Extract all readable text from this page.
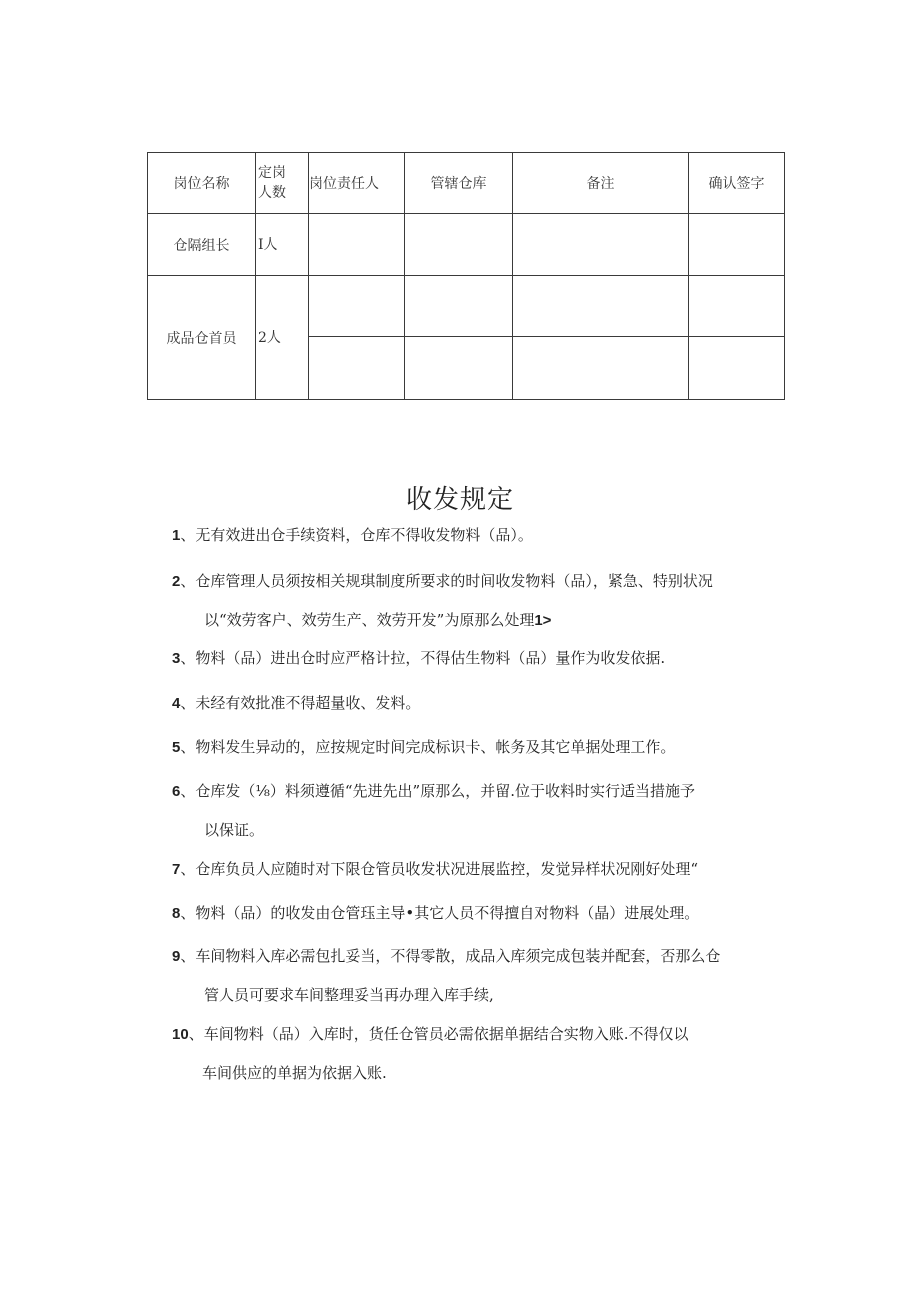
岗位名称	定岗人数	岗位责任人	管辖仓库	备注	确认签字
仓隔组长	I人				
成品仓首员	2人				

收发规定
1、无有效进出仓手续资料，仓库不得收发物料（品）。
2、仓库管理人员须按相关规琪制度所要求的时间收发物料（品），紧急、特别状况
以“效劳客户、效劳生产、效劳开发”为原那么处理1>
3、物料（品）进出仓时应严格计拉，不得估生物料（品）量作为收发依据.
4、未经有效批准不得超量收、发料。
5、物料发生异动的，应按规定时间完成标识卡、帐务及其它单据处理工作。
6、仓库发（⅛）料须遵循“先进先出”原那么，并留.位于收料时实行适当措施予
以保证。
7、仓库负员人应随时对下限仓管员收发状况进展监控，发觉异样状况刚好处理“
8、物料（品）的收发由仓管珏主导•其它人员不得擅自对物料（晶）进展处理。
9、车间物料入库必需包扎妥当，不得零散，成品入库须完成包装并配套，否那么仓
管人员可要求车间整理妥当再办理入库手续,
10、车间物料（品）入库时，货任仓管员必需依据单据结合实物入账.不得仅以
车间供应的单据为依据入账.
